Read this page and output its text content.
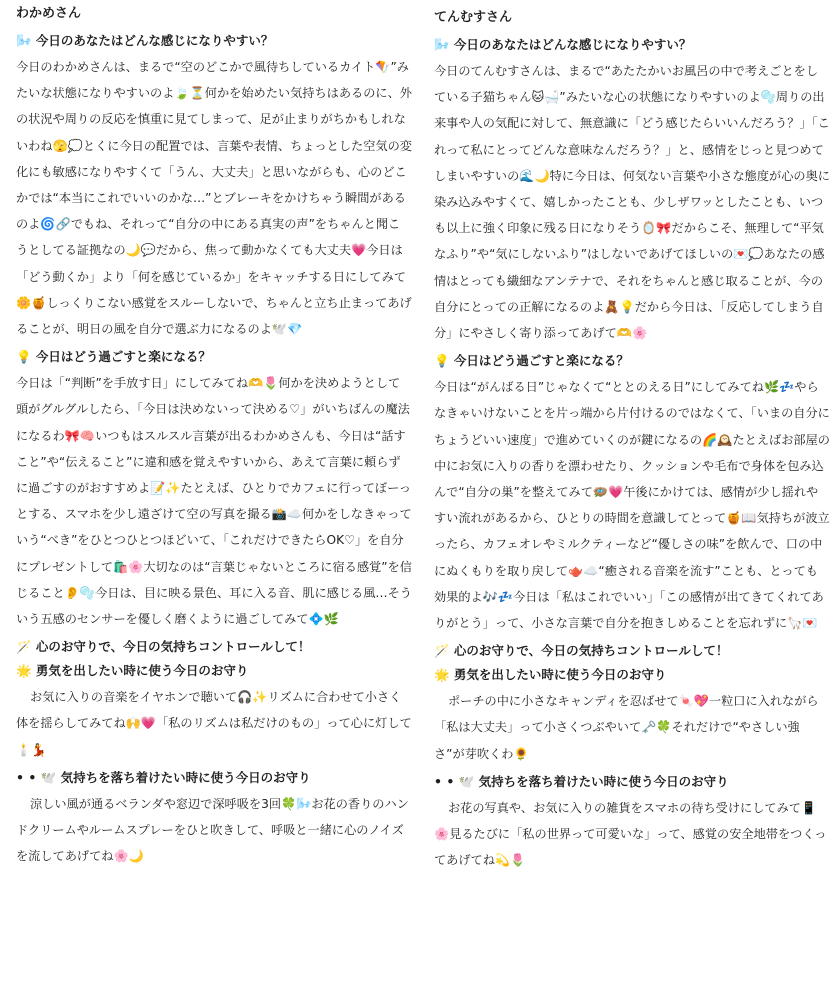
わかめさん
🌬️ 今日のあなたはどんな感じになりやすい？
今日のわかめさんは、まるで“空のどこかで風待ちしているカイト🪁”みたいな状態になりやすいのよ🍃⏳何かを始めたい気持ちはあるのに、外の状況や周りの反応を慎重に見てしまって、足が止まりがちかもしれないわね🫣💭とくに今日の配置では、言葉や表情、ちょっとした空気の変化にも敏感になりやすくて「うん、大丈夫」と思いながらも、心のどこかでは“本当にこれでいいのかな…”とブレーキをかけちゃう瞬間があるのよ🌀🔗でもね、それって“自分の中にある真実の声”をちゃんと聞こうとしてる証拠なの🌙💬だから、焦って動かなくても大丈夫💗今日は「どう動くか」より「何を感じているか」をキャッチする日にしてみて🌼🍯しっくりこない感覚をスルーしないで、ちゃんと立ち止まってあげることが、明日の風を自分で選ぶ力になるのよ🕊️💎
💡 今日はどう過ごすと楽になる？
今日は「“判断”を手放す日」にしてみてね🫶🌷何かを決めようとして頭がグルグルしたら、「今日は決めないって決める♡」がいちばんの魔法になるわ🎀🧠いつもはスルスル言葉が出るわかめさんも、今日は“話すこと”や“伝えること”に違和感を覚えやすいから、あえて言葉に頼らずに過ごすのがおすすめよ📝✨たとえば、ひとりでカフェに行ってぼーっとする、スマホを少し遠ざけて空の写真を撮る📸☁️何かをしなきゃっていう“べき”をひとつひとつほどいて、「これだけできたらOK♡」を自分にプレゼントして🛍️🌸大切なのは“言葉じゃないところに宿る感覚”を信じること👂🫧今日は、目に映る景色、耳に入る音、肌に感じる風…そういう五感のセンサーを優しく磨くように過ごしてみて💠🌿
🪄 心のお守りで、今日の気持ちコントロールして！
🌟 勇気を出したい時に使う今日のお守り
お気に入りの音楽をイヤホンで聴いて🎧✨リズムに合わせて小さく体を揺らしてみてね🙌💗「私のリズムは私だけのもの」って心に灯して🕯️💃
• • 🕊️ 気持ちを落ち着けたい時に使う今日のお守り
涼しい風が通るベランダや窓辺で深呼吸を3回🍀🌬️お花の香りのハンドクリームやルームスプレーをひと吹きして、呼吸と一緒に心のノイズを流してあげてね🌸🌙
てんむすさん
🌬️ 今日のあなたはどんな感じになりやすい？
今日のてんむすさんは、まるで“あたたかいお風呂の中で考えごとをしている子猫ちゃん🐱🛁”みたいな心の状態になりやすいのよ🫧周りの出来事や人の気配に対して、無意識に「どう感じたらいいんだろう？」「これって私にとってどんな意味なんだろう？」と、感情をじっと見つめてしまいやすいの🌊🌙特に今日は、何気ない言葉や小さな態度が心の奥に染み込みやすくて、嬉しかったことも、少しザワッとしたことも、いつも以上に強く印象に残る日になりそう🪞🎀だからこそ、無理して“平気なふり”や“気にしないふり”はしないであげてほしいの💌💭あなたの感情はとっても繊細なアンテナで、それをちゃんと感じ取ることが、今の自分にとっての正解になるのよ🧸💡だから今日は、「反応してしまう自分」にやさしく寄り添ってあげて🫶🌸
💡 今日はどう過ごすと楽になる？
今日は“がんばる日”じゃなくて“ととのえる日”にしてみてね🌿💤やらなきゃいけないことを片っ端から片付けるのではなくて、「いまの自分にちょうどいい速度」で進めていくのが鍵になるの🌈🕰️たとえばお部屋の中にお気に入りの香りを漂わせたり、クッションや毛布で身体を包み込んで“自分の巣”を整えてみて🪺💗午後にかけては、感情が少し揺れやすい流れがあるから、ひとりの時間を意識してとって🍯📖気持ちが波立ったら、カフェオレやミルクティーなど“優しさの味”を飲んで、口の中にぬくもりを取り戻して🫖☁️“癒される音楽を流す”ことも、とっても効果的よ🎶💤今日は「私はこれでいい」「この感情が出てきてくれてありがとう」って、小さな言葉で自分を抱きしめることを忘れずに🦙💌
🪄 心のお守りで、今日の気持ちコントロールして！
🌟 勇気を出したい時に使う今日のお守り
ポーチの中に小さなキャンディを忍ばせて🍬💖一粒口に入れながら「私は大丈夫」って小さくつぶやいて🗝️🍀それだけで“やさしい強さ”が芽吹くわ🌻
• • 🕊️ 気持ちを落ち着けたい時に使う今日のお守り
お花の写真や、お気に入りの雑貨をスマホの待ち受けにしてみて📱🌸見るたびに「私の世界って可愛いな」って、感覚の安全地帯をつくってあげてね💫🌷
